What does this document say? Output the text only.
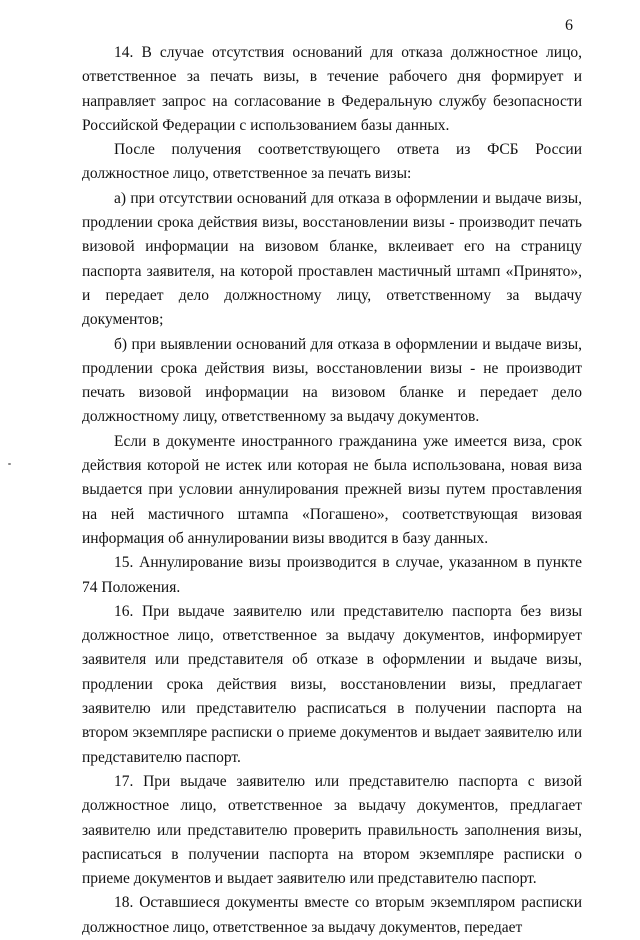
6

14. В случае отсутствия оснований для отказа должностное лицо, ответственное за печать визы, в течение рабочего дня формирует и направляет запрос на согласование в Федеральную службу безопасности Российской Федерации с использованием базы данных.

После получения соответствующего ответа из ФСБ России должностное лицо, ответственное за печать визы:

а) при отсутствии оснований для отказа в оформлении и выдаче визы, продлении срока действия визы, восстановлении визы - производит печать визовой информации на визовом бланке, вклеивает его на страницу паспорта заявителя, на которой проставлен мастичный штамп «Принято», и передает дело должностному лицу, ответственному за выдачу документов;

б) при выявлении оснований для отказа в оформлении и выдаче визы, продлении срока действия визы, восстановлении визы - не производит печать визовой информации на визовом бланке и передает дело должностному лицу, ответственному за выдачу документов.

Если в документе иностранного гражданина уже имеется виза, срок действия которой не истек или которая не была использована, новая виза выдается при условии аннулирования прежней визы путем проставления на ней мастичного штампа «Погашено», соответствующая визовая информация об аннулировании визы вводится в базу данных.

15. Аннулирование визы производится в случае, указанном в пункте 74 Положения.

16. При выдаче заявителю или представителю паспорта без визы должностное лицо, ответственное за выдачу документов, информирует заявителя или представителя об отказе в оформлении и выдаче визы, продлении срока действия визы, восстановлении визы, предлагает заявителю или представителю расписаться в получении паспорта на втором экземпляре расписки о приеме документов и выдает заявителю или представителю паспорт.

17. При выдаче заявителю или представителю паспорта с визой должностное лицо, ответственное за выдачу документов, предлагает заявителю или представителю проверить правильность заполнения визы, расписаться в получении паспорта на втором экземпляре расписки о приеме документов и выдает заявителю или представителю паспорт.

18. Оставшиеся документы вместе со вторым экземпляром расписки должностное лицо, ответственное за выдачу документов, передает
